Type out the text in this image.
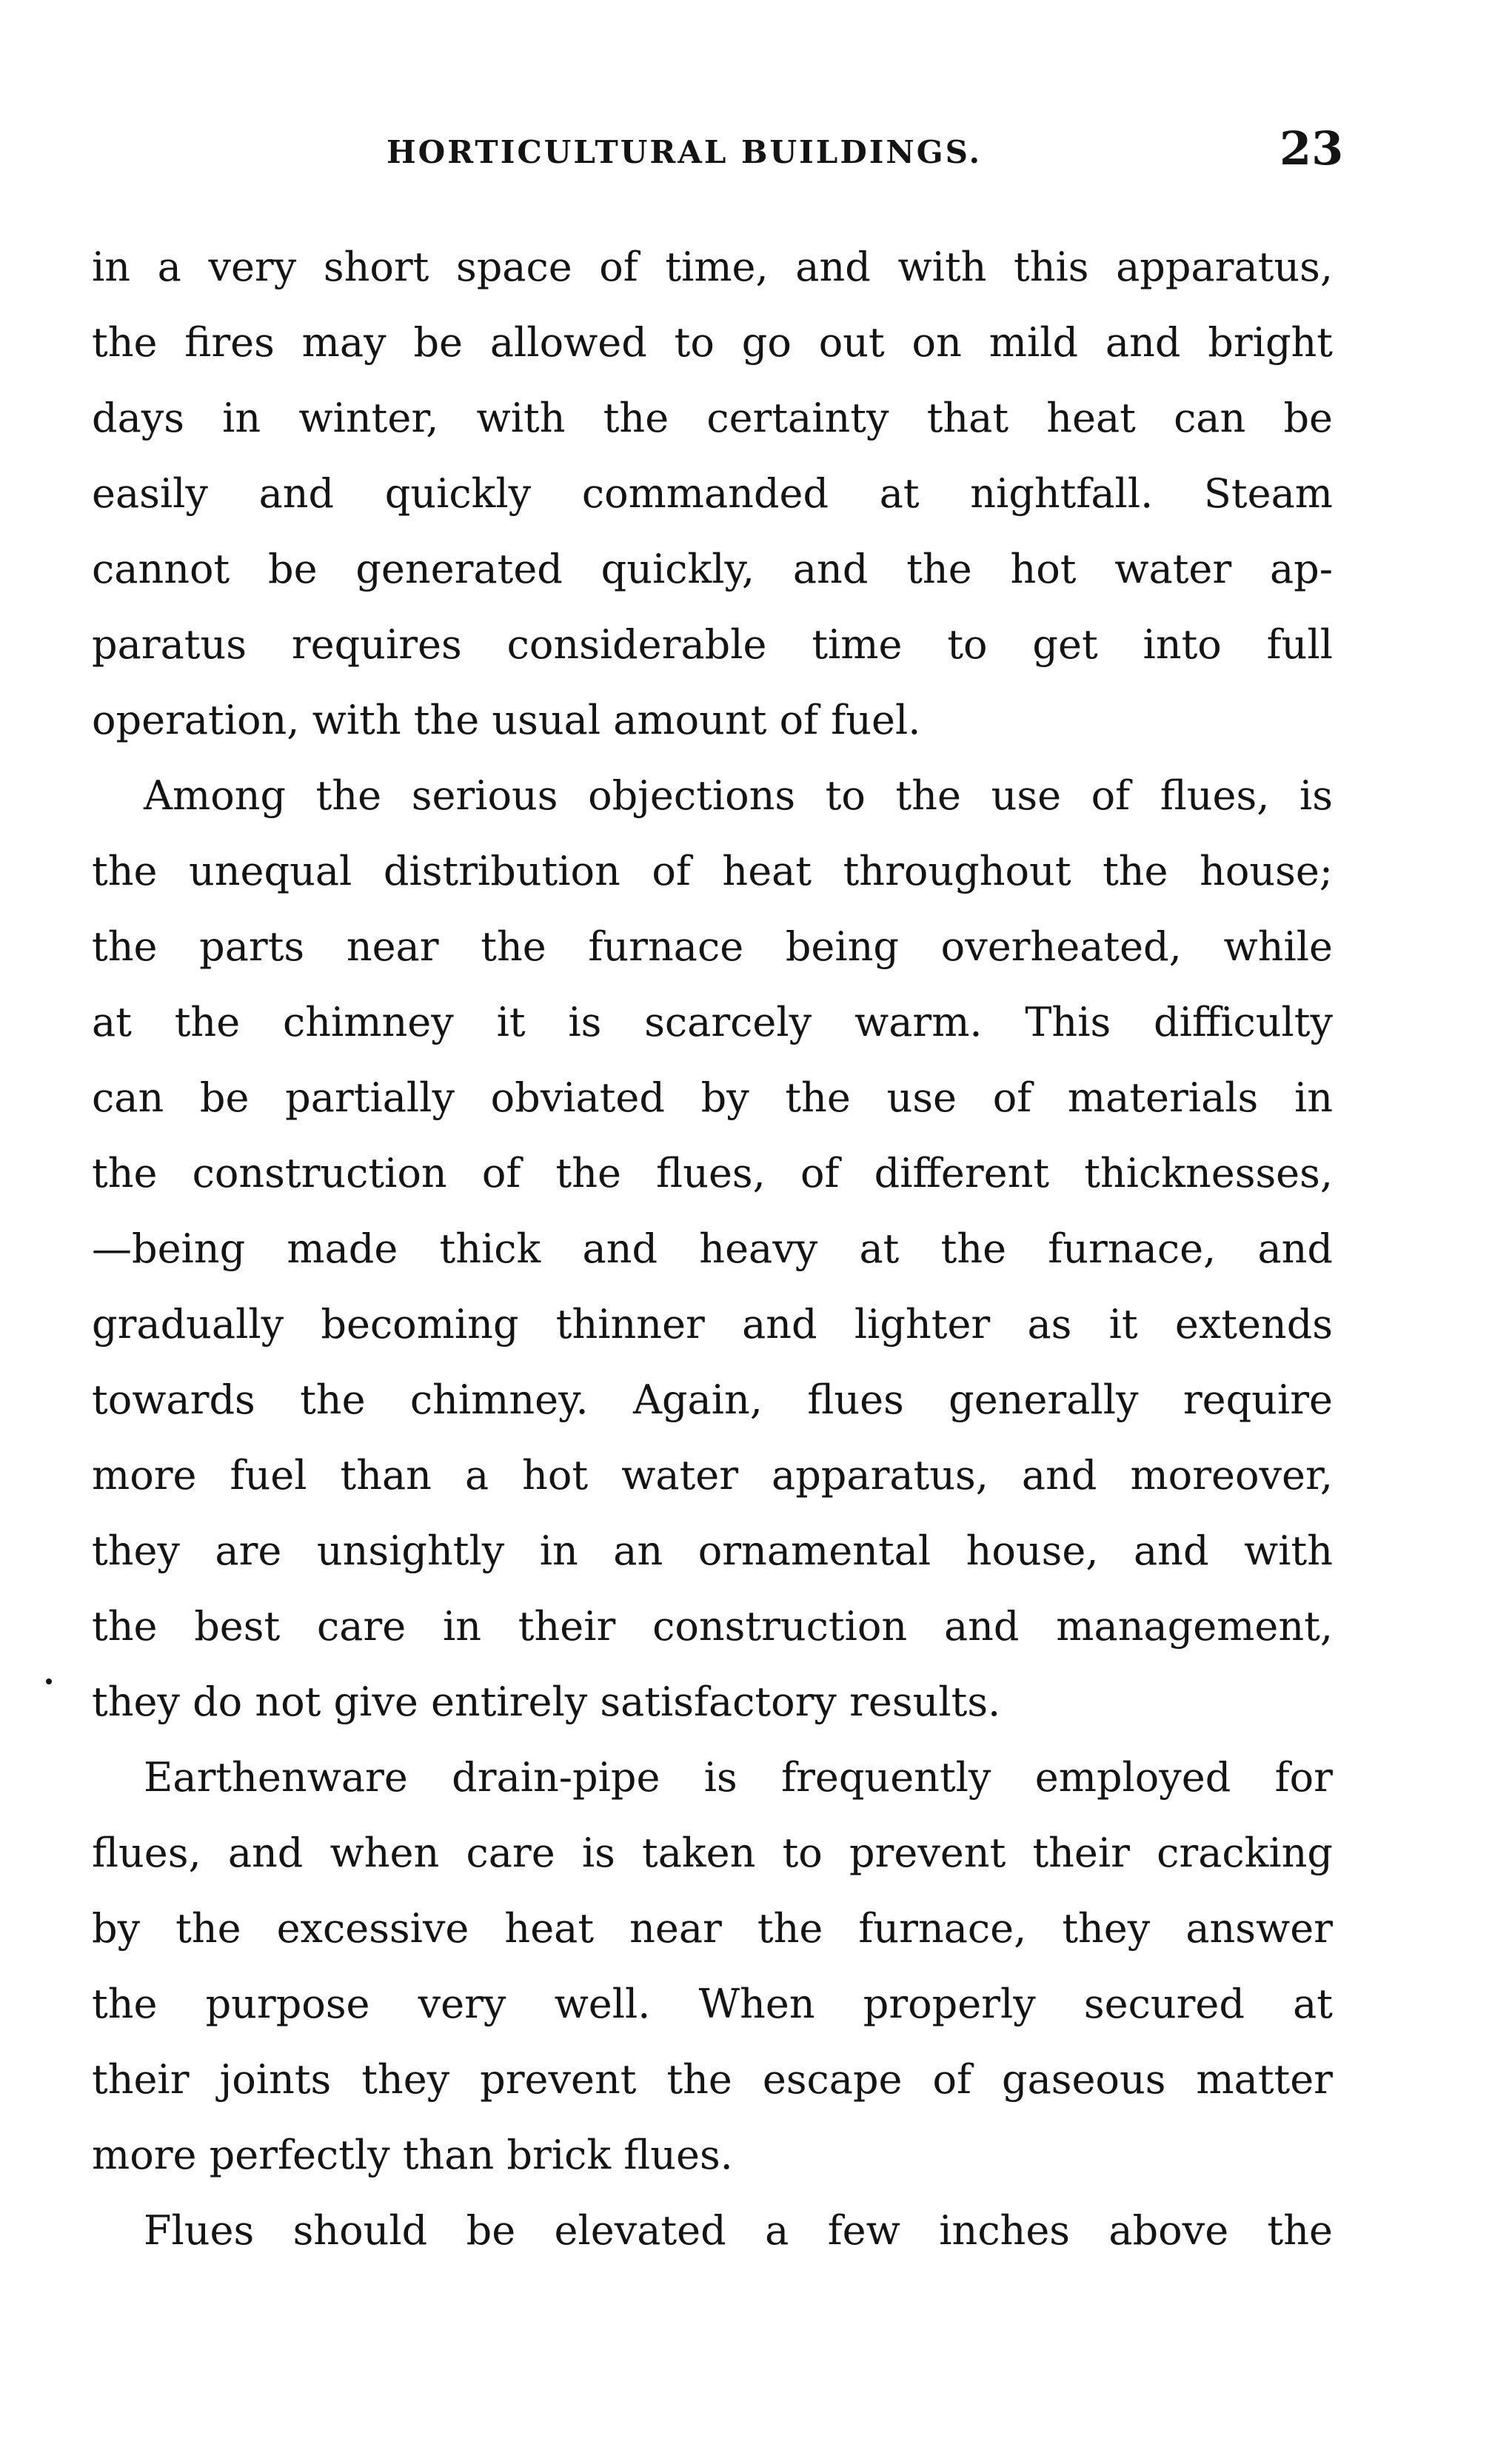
HORTICULTURAL BUILDINGS.	23
in a very short space of time, and with this apparatus,
the fires may be allowed to go out on mild and bright
days in winter, with the certainty that heat can be
easily and quickly commanded at nightfall. Steam
cannot be generated quickly, and the hot water ap-
paratus requires considerable time to get into full
operation, with the usual amount of fuel.
Among the serious objections to the use of flues, is
the unequal distribution of heat throughout the house;
the parts near the furnace being overheated, while
at the chimney it is scarcely warm. This difficulty
can be partially obviated by the use of materials in
the construction of the flues, of different thicknesses,
—being made thick and heavy at the furnace, and
gradually becoming thinner and lighter as it extends
towards the chimney. Again, flues generally require
more fuel than a hot water apparatus, and moreover,
they are unsightly in an ornamental house, and with
the best care in their construction and management,
they do not give entirely satisfactory results.
Earthenware drain-pipe is frequently employed for
flues, and when care is taken to prevent their cracking
by the excessive heat near the furnace, they answer
the purpose very well. When properly secured at
their joints they prevent the escape of gaseous matter
more perfectly than brick flues.
Flues should be elevated a few inches above the
